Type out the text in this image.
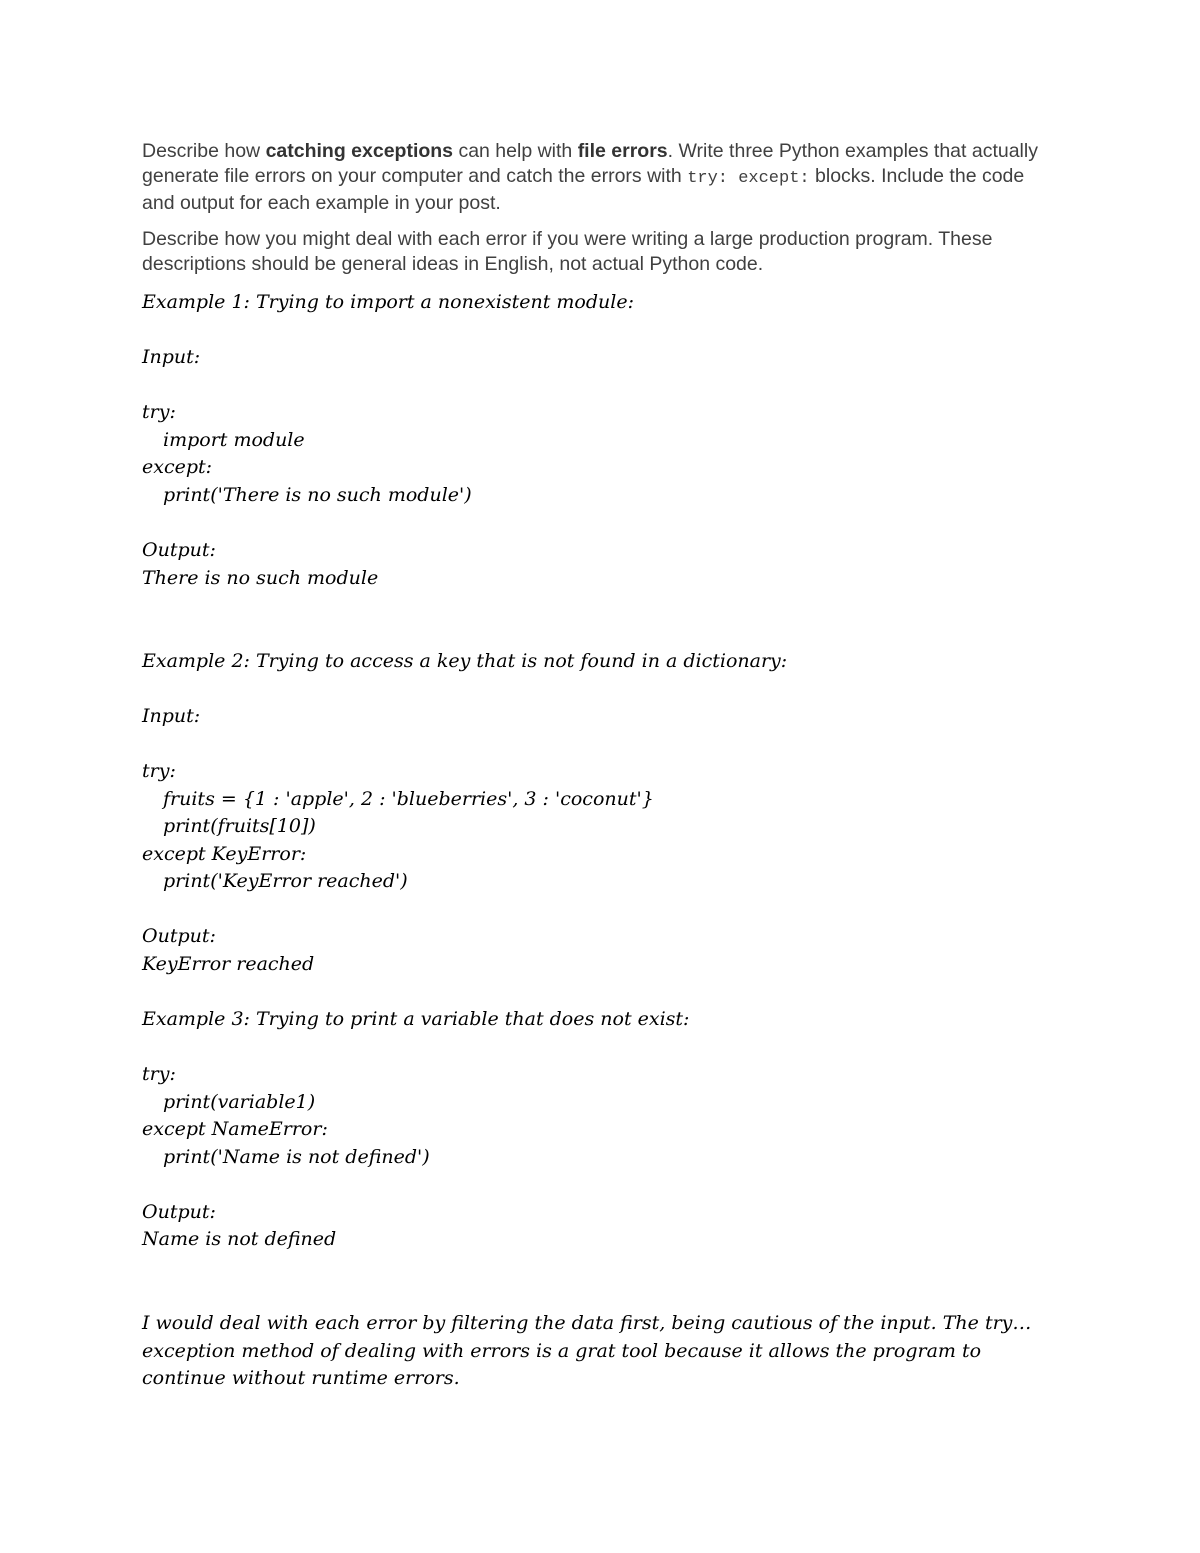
Describe how catching exceptions can help with file errors. Write three Python examples that actually generate file errors on your computer and catch the errors with try: except: blocks. Include the code and output for each example in your post.
Describe how you might deal with each error if you were writing a large production program. These descriptions should be general ideas in English, not actual Python code.
Example 1: Trying to import a nonexistent module:
Input:
try:
import module
except:
print('There is no such module')
Output:
There is no such module
Example 2: Trying to access a key that is not found in a dictionary:
Input:
try:
fruits = {1 : 'apple', 2 : 'blueberries', 3 : 'coconut'}
print(fruits[10])
except KeyError:
print('KeyError reached')
Output:
KeyError reached
Example 3: Trying to print a variable that does not exist:
try:
print(variable1)
except NameError:
print('Name is not defined')
Output:
Name is not defined
I would deal with each error by filtering the data first, being cautious of the input. The try…
exception method of dealing with errors is a grat tool because it allows the program to
continue without runtime errors.
